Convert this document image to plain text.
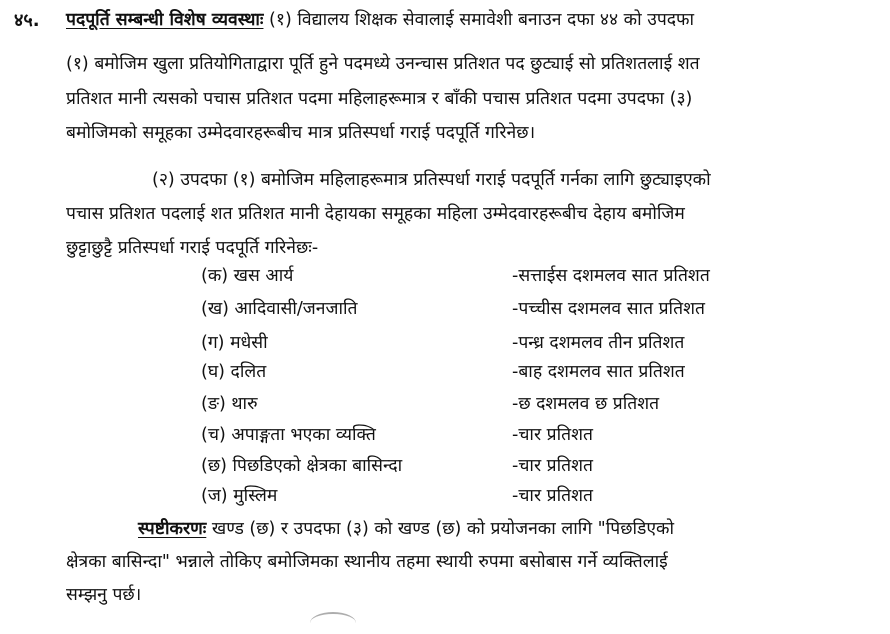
४५. पदपूर्ति सम्बन्धी विशेष व्यवस्थाः (१) विद्यालय शिक्षक सेवालाई समावेशी बनाउन दफा ४४ को उपदफा
(१) बमोजिम खुला प्रतियोगिताद्वारा पूर्ति हुने पदमध्ये उनन्चास प्रतिशत पद छुट्याई सो प्रतिशतलाई शत
प्रतिशत मानी त्यसको पचास प्रतिशत पदमा महिलाहरूमात्र र बाँकी पचास प्रतिशत पदमा उपदफा (३)
बमोजिमको समूहका उम्मेदवारहरूबीच मात्र प्रतिस्पर्धा गराई पदपूर्ति गरिनेछ।
(२) उपदफा (१) बमोजिम महिलाहरूमात्र प्रतिस्पर्धा गराई पदपूर्ति गर्नका लागि छुट्याइएको
पचास प्रतिशत पदलाई शत प्रतिशत मानी देहायका समूहका महिला उम्मेदवारहरूबीच देहाय बमोजिम
छुट्टाछुट्टै प्रतिस्पर्धा गराई पदपूर्ति गरिनेछः-
(क) खस आर्य	-सत्ताईस दशमलव सात प्रतिशत
(ख) आदिवासी/जनजाति	-पच्चीस दशमलव सात प्रतिशत
(ग) मधेसी	-पन्ध्र दशमलव तीन प्रतिशत
(घ) दलित	-बाह दशमलव सात प्रतिशत
(ङ) थारु	-छ दशमलव छ प्रतिशत
(च) अपाङ्गता भएका व्यक्ति	-चार प्रतिशत
(छ) पिछडिएको क्षेत्रका बासिन्दा	-चार प्रतिशत
(ज) मुस्लिम	-चार प्रतिशत
स्पष्टीकरणः खण्ड (छ) र उपदफा (३) को खण्ड (छ) को प्रयोजनका लागि "पिछडिएको
क्षेत्रका बासिन्दा" भन्नाले तोकिए बमोजिमका स्थानीय तहमा स्थायी रुपमा बसोबास गर्ने व्यक्तिलाई
सम्झनु पर्छ।
